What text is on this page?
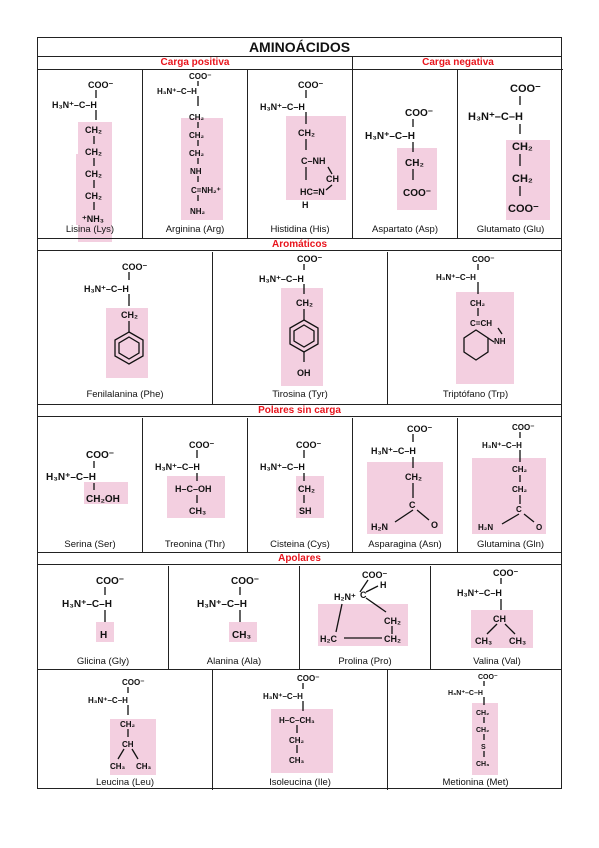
AMINOÁCIDOS
Carga positiva	Carga negativa
COO⁻
H₃N⁺–C–H
CH₂
CH₂
CH₂
CH₂
⁺NH₃
Lisina (Lys)
COO⁻
H₃N⁺–C–H
CH₂
CH₂
CH₂
NH
C=NH₂⁺
NH₂
Arginina (Arg)
COO⁻
H₃N⁺–C–H
CH₂
C–NH
CH
HC=N
H
Histidina (His)
COO⁻
H₃N⁺–C–H
CH₂
COO⁻
Aspartato (Asp)
COO⁻
H₃N⁺–C–H
CH₂
CH₂
COO⁻
Glutamato (Glu)
Aromáticos
COO⁻
H₃N⁺–C–H
CH₂
Fenilalanina (Phe)
COO⁻
H₃N⁺–C–H
CH₂
OH
Tirosina (Tyr)
COO⁻
H₃N⁺–C–H
CH₂
C=CH
NH
Triptófano (Trp)
Polares sin carga
COO⁻
H₃N⁺–C–H
CH₂OH
Serina (Ser)
COO⁻
H₃N⁺–C–H
H–C–OH
CH₃
Treonina (Thr)
COO⁻
H₃N⁺–C–H
CH₂
SH
Cisteina (Cys)
COO⁻
H₃N⁺–C–H
CH₂
C
O
H₂N
Asparagina (Asn)
COO⁻
H₃N⁺–C–H
CH₂
CH₂
C
O
H₂N
Glutamina (Gln)
Apolares
COO⁻
H₃N⁺–C–H
H
Glicina (Gly)
COO⁻
H₃N⁺–C–H
CH₃
Alanina (Ala)
COO⁻
H₂N⁺ C
H
CH₂
H₂C	CH₂
Prolina (Pro)
COO⁻
H₃N⁺–C–H
CH
CH₃ CH₃
Valina (Val)
COO⁻
H₃N⁺–C–H
CH₂
CH
CH₃ CH₃
Leucina (Leu)
COO⁻
H₃N⁺–C–H
H–C–CH₃
CH₂
CH₃
Isoleucina (Ile)
COO⁻
H₃N⁺–C–H
CH₂
CH₂
S
CH₃
Metionina (Met)
